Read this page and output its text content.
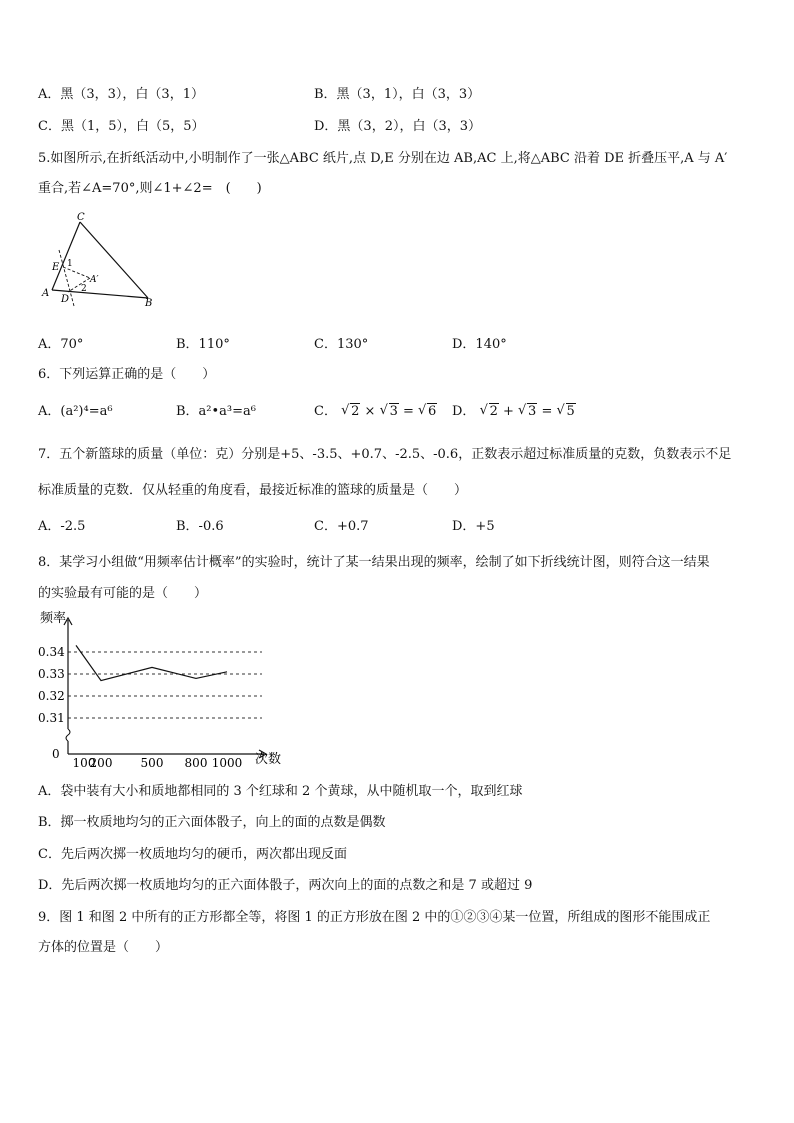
A．黑（3，3），白（3，1）	B．黑（3，1），白（3，3）
C．黑（1，5），白（5，5）	D．黑（3，2），白（3，3）
5.如图所示,在折纸活动中,小明制作了一张△ABC 纸片,点 D,E 分别在边 AB,AC 上,将△ABC 沿着 DE 折叠压平,A 与 A′
重合,若∠A=70°,则∠1+∠2=　(　　)
C
E 1
A′
A	2
D	B
A．70°	B．110°	C．130°	D．140°
6．下列运算正确的是（　　）
A．(a²)⁴=a⁶	B．a²•a³=a⁶	C． √ 2 × √ 3 = √ 6 D． √ 2 + √ 3 = √ 5
7．五个新篮球的质量（单位：克）分别是+5、-3.5、+0.7、-2.5、-0.6，正数表示超过标准质量的克数，负数表示不足
标准质量的克数．仅从轻重的角度看，最接近标准的篮球的质量是（　　）
A．-2.5	B．-0.6	C．+0.7	D．+5
8．某学习小组做“用频率估计概率”的实验时，统计了某一结果出现的频率，绘制了如下折线统计图，则符合这一结果
的实验最有可能的是（　　）
0.34
0.33
0.32
0.31
频率
次数
0
100
200 500 800 1000
A．袋中装有大小和质地都相同的 3 个红球和 2 个黄球，从中随机取一个，取到红球
B．掷一枚质地均匀的正六面体骰子，向上的面的点数是偶数
C．先后两次掷一枚质地均匀的硬币，两次都出现反面
D．先后两次掷一枚质地均匀的正六面体骰子，两次向上的面的点数之和是 7 或超过 9
9．图 1 和图 2 中所有的正方形都全等，将图 1 的正方形放在图 2 中的①②③④某一位置，所组成的图形不能围成正
方体的位置是（　　）
